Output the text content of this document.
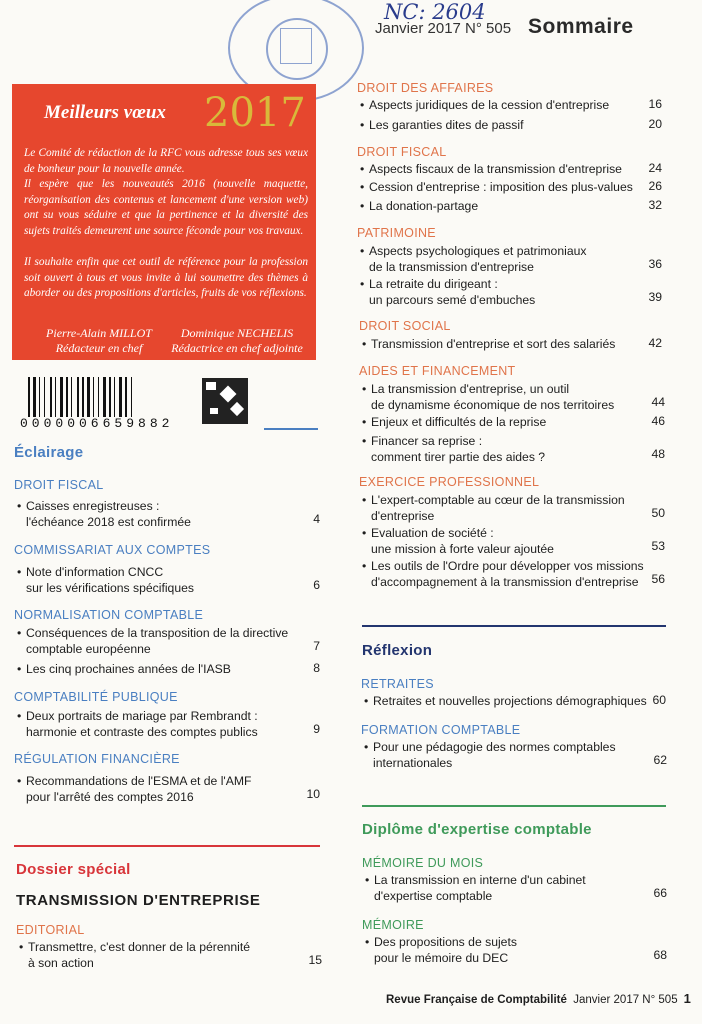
NC: 2604
Janvier 2017 N° 505 Sommaire
Meilleurs vœux 2017
Le Comité de rédaction de la RFC vous adresse tous ses vœux de bonheur pour la nouvelle année.
Il espère que les nouveautés 2016 (nouvelle maquette, réorganisation des contenus et lancement d'une version web) ont su vous séduire et que la pertinence et la diversité des sujets traités demeurent une source féconde pour vos travaux.
Il souhaite enfin que cet outil de référence pour la profession soit ouvert à tous et vous invite à lui soumettre des thèmes à aborder ou des propositions d'articles, fruits de vos réflexions.
Pierre-Alain MILLOT
Rédacteur en chef
Dominique NECHELIS
Rédactrice en chef adjointe
0000006659882
Éclairage
DROIT FISCAL
• Caisses enregistreuses :
l'échéance 2018 est confirmée	4
COMMISSARIAT AUX COMPTES
• Note d'information CNCC
sur les vérifications spécifiques	6
NORMALISATION COMPTABLE
• Conséquences de la transposition de la directive
comptable européenne	7
• Les cinq prochaines années de l'IASB	8
COMPTABILITÉ PUBLIQUE
• Deux portraits de mariage par Rembrandt :
harmonie et contraste des comptes publics	9
RÉGULATION FINANCIÈRE
• Recommandations de l'ESMA et de l'AMF
pour l'arrêté des comptes 2016	10
Dossier spécial
TRANSMISSION D'ENTREPRISE
EDITORIAL
• Transmettre, c'est donner de la pérennité
à son action	15
DROIT DES AFFAIRES
• Aspects juridiques de la cession d'entreprise	16
• Les garanties dites de passif	20
DROIT FISCAL
• Aspects fiscaux de la transmission d'entreprise	24
• Cession d'entreprise : imposition des plus-values	26
• La donation-partage	32
PATRIMOINE
• Aspects psychologiques et patrimoniaux
de la transmission d'entreprise	36
• La retraite du dirigeant :
un parcours semé d'embuches	39
DROIT SOCIAL
• Transmission d'entreprise et sort des salariés	42
AIDES ET FINANCEMENT
• La transmission d'entreprise, un outil
de dynamisme économique de nos territoires	44
• Enjeux et difficultés de la reprise	46
• Financer sa reprise :
comment tirer partie des aides ?	48
EXERCICE PROFESSIONNEL
• L'expert-comptable au cœur de la transmission
d'entreprise	50
• Evaluation de société :
une mission à forte valeur ajoutée	53
• Les outils de l'Ordre pour développer vos missions
d'accompagnement à la transmission d'entreprise	56
Réflexion
RETRAITES
• Retraites et nouvelles projections démographiques 60
FORMATION COMPTABLE
• Pour une pédagogie des normes comptables
internationales	62
Diplôme d'expertise comptable
MÉMOIRE DU MOIS
• La transmission en interne d'un cabinet
d'expertise comptable	66
MÉMOIRE
• Des propositions de sujets
pour le mémoire du DEC	68
Revue Française de Comptabilité Janvier 2017 N° 505 1
